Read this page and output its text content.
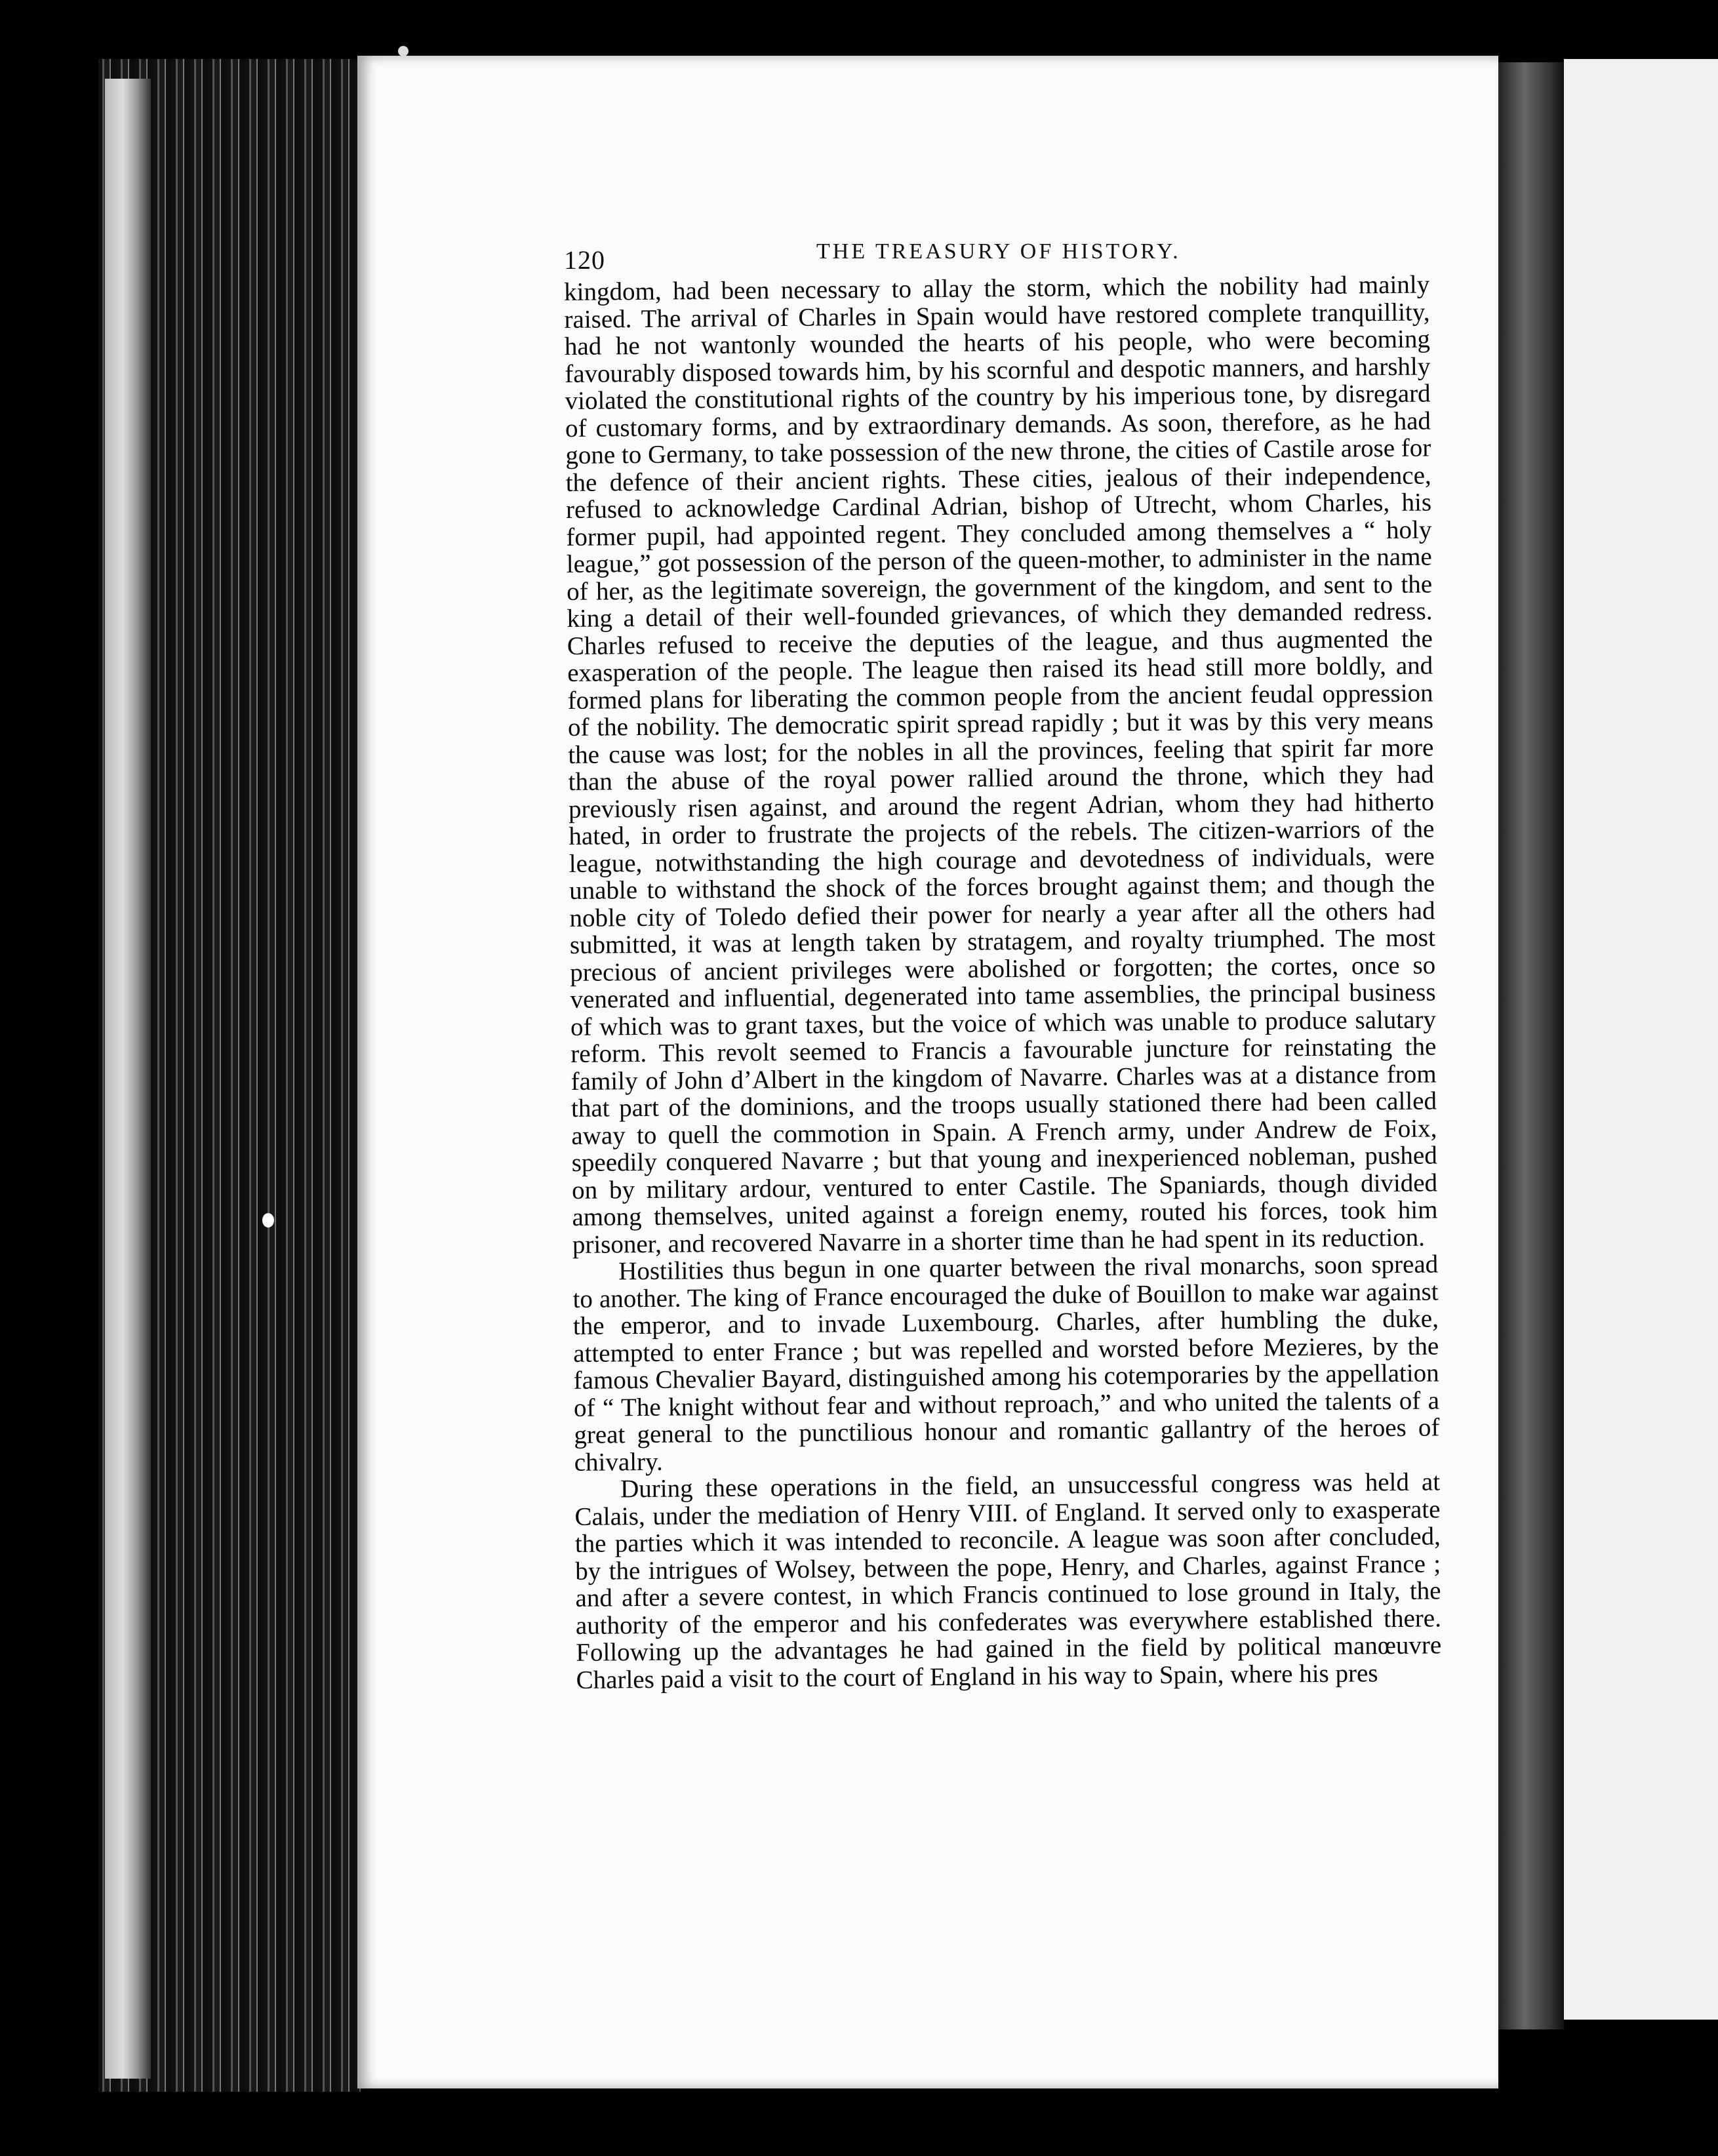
120	THE TREASURY OF HISTORY.

kingdom, had been necessary to allay the storm, which the nobility had mainly raised. The arrival of Charles in Spain would have restored complete tranquillity, had he not wantonly wounded the hearts of his people, who were becoming favourably disposed towards him, by his scornful and despotic manners, and harshly violated the constitutional rights of the country by his imperious tone, by disregard of customary forms, and by extraordinary demands. As soon, therefore, as he had gone to Germany, to take possession of the new throne, the cities of Castile arose for the defence of their ancient rights. These cities, jealous of their independence, refused to acknowledge Cardinal Adrian, bishop of Utrecht, whom Charles, his former pupil, had appointed regent. They concluded among themselves a “ holy league,” got possession of the person of the queen-mother, to administer in the name of her, as the legitimate sovereign, the government of the kingdom, and sent to the king a detail of their well-founded grievances, of which they demanded redress. Charles refused to receive the deputies of the league, and thus augmented the exasperation of the people. The league then raised its head still more boldly, and formed plans for liberating the common people from the ancient feudal oppression of the nobility. The democratic spirit spread rapidly ; but it was by this very means the cause was lost; for the nobles in all the provinces, feeling that spirit far more than the abuse of the royal power rallied around the throne, which they had previously risen against, and around the regent Adrian, whom they had hitherto hated, in order to frustrate the projects of the rebels. The citizen-warriors of the league, notwithstanding the high courage and devotedness of individuals, were unable to withstand the shock of the forces brought against them; and though the noble city of Toledo defied their power for nearly a year after all the others had submitted, it was at length taken by stratagem, and royalty triumphed. The most precious of ancient privileges were abolished or forgotten; the cortes, once so venerated and influential, degenerated into tame assemblies, the principal business of which was to grant taxes, but the voice of which was unable to produce salutary reform. This revolt seemed to Francis a favourable juncture for reinstating the family of John d’Albert in the kingdom of Navarre. Charles was at a distance from that part of the dominions, and the troops usually stationed there had been called away to quell the commotion in Spain. A French army, under Andrew de Foix, speedily conquered Navarre ; but that young and inexperienced nobleman, pushed on by military ardour, ventured to enter Castile. The Spaniards, though divided among themselves, united against a foreign enemy, routed his forces, took him prisoner, and recovered Navarre in a shorter time than he had spent in its reduction.

Hostilities thus begun in one quarter between the rival monarchs, soon spread to another. The king of France encouraged the duke of Bouillon to make war against the emperor, and to invade Luxembourg. Charles, after humbling the duke, attempted to enter France ; but was repelled and worsted before Mezieres, by the famous Chevalier Bayard, distinguished among his cotemporaries by the appellation of “ The knight without fear and without reproach,” and who united the talents of a great general to the punctilious honour and romantic gallantry of the heroes of chivalry.

During these operations in the field, an unsuccessful congress was held at Calais, under the mediation of Henry VIII. of England. It served only to exasperate the parties which it was intended to reconcile. A league was soon after concluded, by the intrigues of Wolsey, between the pope, Henry, and Charles, against France ; and after a severe contest, in which Francis continued to lose ground in Italy, the authority of the emperor and his confederates was everywhere established there. Following up the advantages he had gained in the field by political manœuvre Charles paid a visit to the court of England in his way to Spain, where his pres
